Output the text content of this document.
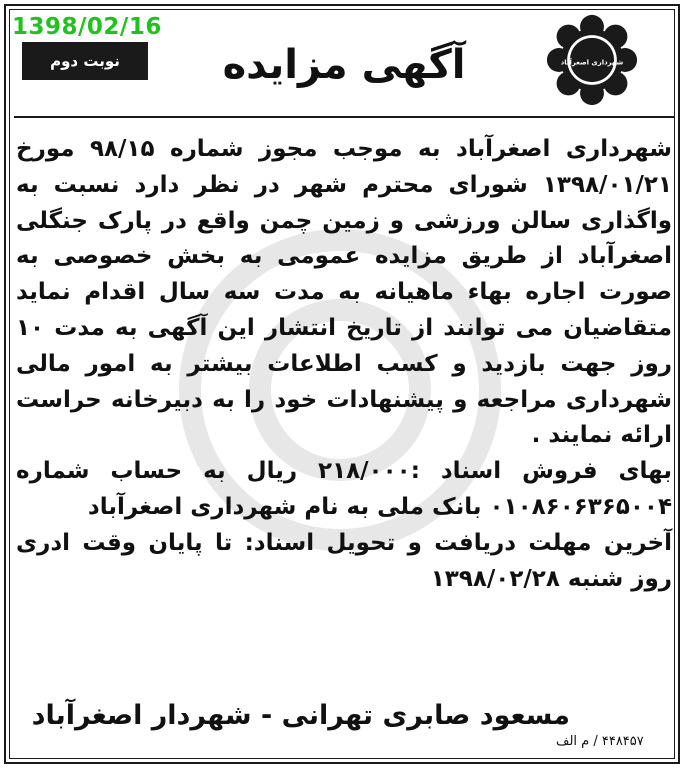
1398/02/16
نوبت دوم	آگهی مزایده	شهرداری اصغرآباد
شهرداری اصغرآباد به موجب مجوز شماره ۹۸/۱۵ مورخ ۱۳۹۸/۰۱/۲۱ شورای محترم شهر در نظر دارد نسبت به واگذاری سالن ورزشی و زمین چمن واقع در پارک جنگلی اصغرآباد از طریق مزایده عمومی به بخش خصوصی به صورت اجاره بهاء ماهیانه به مدت سه سال اقدام نماید متقاضیان می توانند از تاریخ انتشار این آگهی به مدت ۱۰ روز جهت بازدید و کسب اطلاعات بیشتر به امور مالی شهرداری مراجعه و پیشنهادات خود را به دبیرخانه حراست ارائه نمایند .
بهای فروش اسناد :۲۱۸/۰۰۰ ریال به حساب شماره ۰۱۰۸۶۰۶۳۶۵۰۰۴ بانک ملی به نام شهرداری اصغرآباد
آخرین مهلت دریافت و تحویل اسناد: تا پایان وقت ادری روز شنبه ۱۳۹۸/۰۲/۲۸
مسعود صابری تهرانی - شهردار اصغرآباد
۴۴۸۴۵۷ / م الف
